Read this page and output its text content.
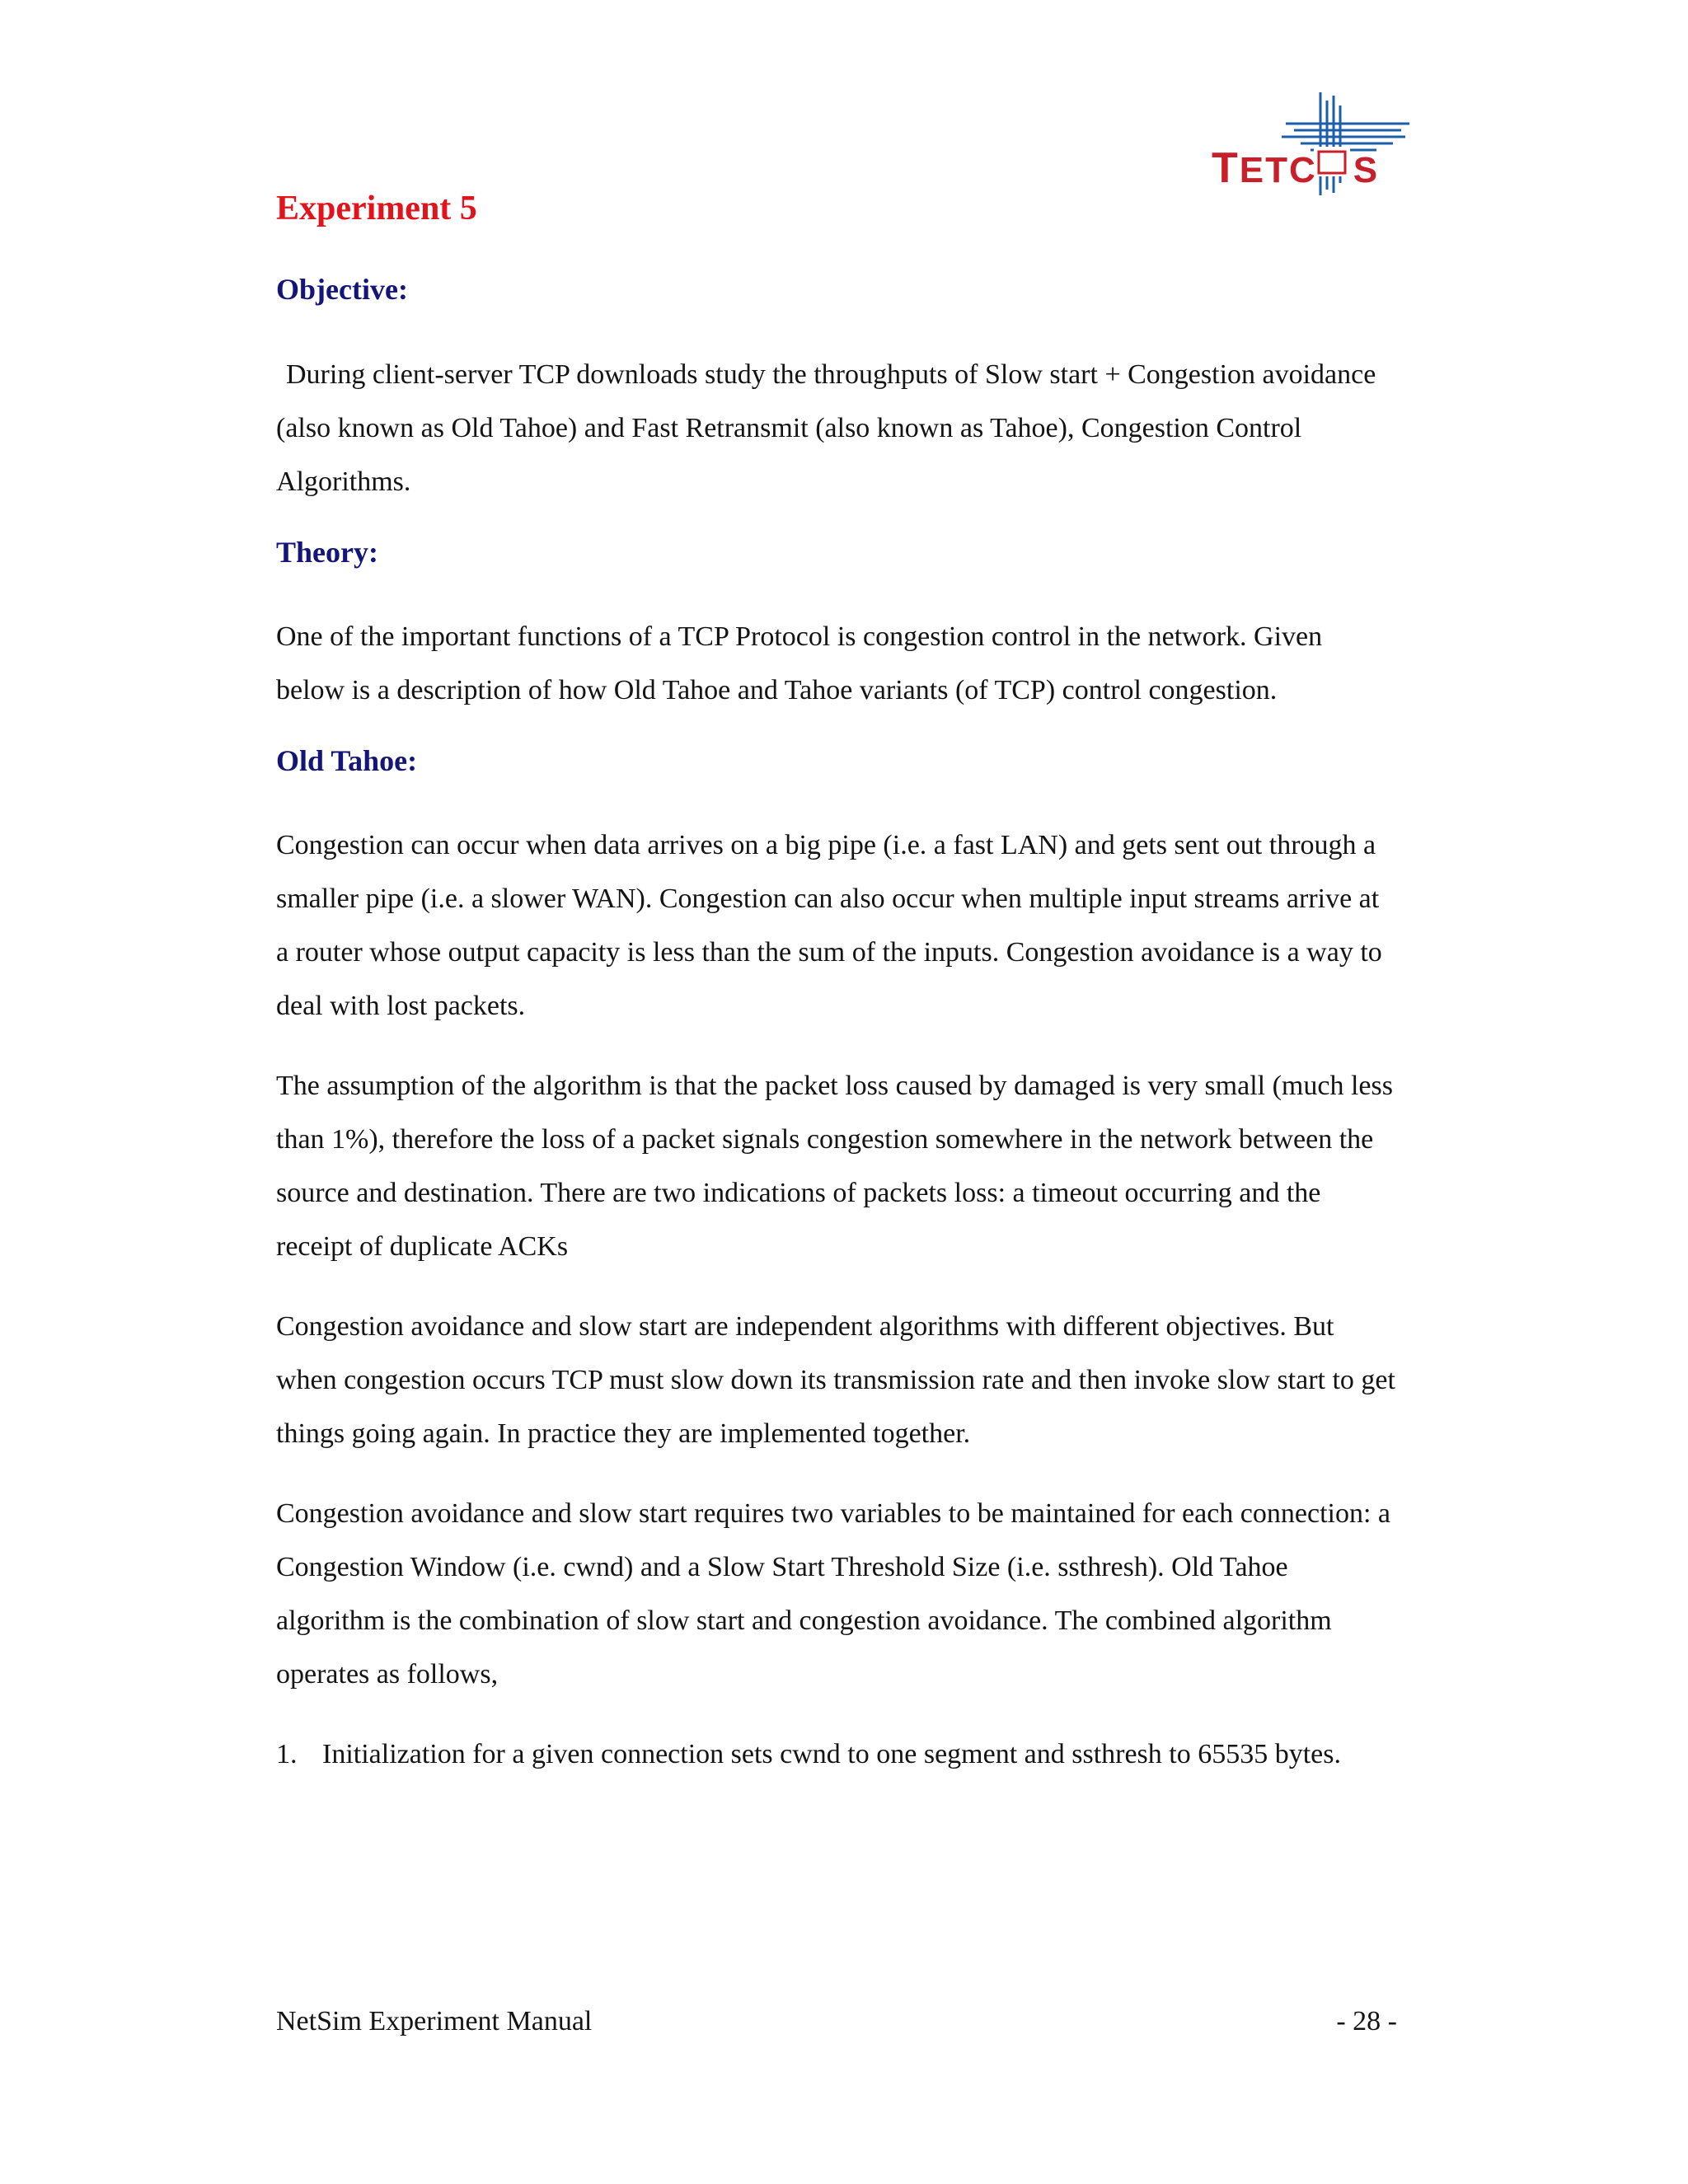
TETC S
Experiment 5
Objective:

During client-server TCP downloads study the throughputs of Slow start + Congestion avoidance (also known as Old Tahoe) and Fast Retransmit (also known as Tahoe), Congestion Control Algorithms.

Theory:

One of the important functions of a TCP Protocol is congestion control in the network. Given below is a description of how Old Tahoe and Tahoe variants (of TCP) control congestion.

Old Tahoe:

Congestion can occur when data arrives on a big pipe (i.e. a fast LAN) and gets sent out through a smaller pipe (i.e. a slower WAN). Congestion can also occur when multiple input streams arrive at a router whose output capacity is less than the sum of the inputs. Congestion avoidance is a way to deal with lost packets.

The assumption of the algorithm is that the packet loss caused by damaged is very small (much less than 1%), therefore the loss of a packet signals congestion somewhere in the network between the source and destination. There are two indications of packets loss: a timeout occurring and the receipt of duplicate ACKs

Congestion avoidance and slow start are independent algorithms with different objectives. But when congestion occurs TCP must slow down its transmission rate and then invoke slow start to get things going again. In practice they are implemented together.

Congestion avoidance and slow start requires two variables to be maintained for each connection: a Congestion Window (i.e. cwnd) and a Slow Start Threshold Size (i.e. ssthresh). Old Tahoe algorithm is the combination of slow start and congestion avoidance. The combined algorithm operates as follows,

1. Initialization for a given connection sets cwnd to one segment and ssthresh to 65535 bytes.
NetSim Experiment Manual	- 28 -
